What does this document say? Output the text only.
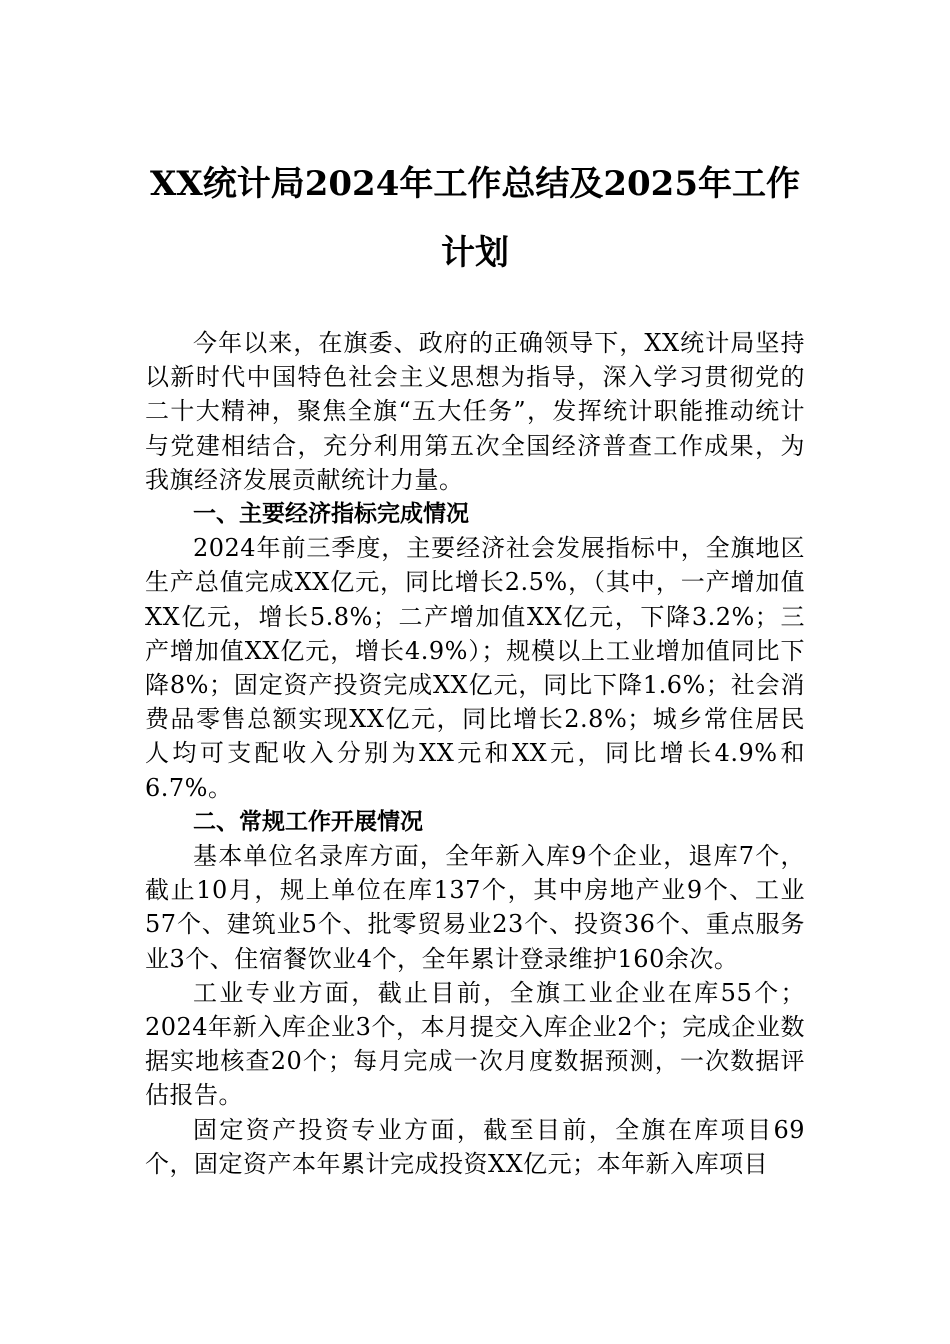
XX统计局2024年工作总结及2025年工作
计划

今年以来，在旗委、政府的正确领导下，XX统计局坚持以新时代中国特色社会主义思想为指导，深入学习贯彻党的二十大精神，聚焦全旗“五大任务”，发挥统计职能推动统计与党建相结合，充分利用第五次全国经济普查工作成果，为我旗经济发展贡献统计力量。

一、主要经济指标完成情况

2024年前三季度，主要经济社会发展指标中，全旗地区生产总值完成XX亿元，同比增长2.5%，（其中，一产增加值XX亿元，增长5.8%；二产增加值XX亿元，下降3.2%；三产增加值XX亿元，增长4.9%）；规模以上工业增加值同比下降8%；固定资产投资完成XX亿元，同比下降1.6%；社会消费品零售总额实现XX亿元，同比增长2.8%；城乡常住居民人均可支配收入分别为XX元和XX元，同比增长4.9%和6.7%。

二、常规工作开展情况

基本单位名录库方面，全年新入库9个企业，退库7个，截止10月，规上单位在库137个，其中房地产业9个、工业57个、建筑业5个、批零贸易业23个、投资36个、重点服务业3个、住宿餐饮业4个，全年累计登录维护160余次。

工业专业方面，截止目前，全旗工业企业在库55个；2024年新入库企业3个，本月提交入库企业2个；完成企业数据实地核查20个；每月完成一次月度数据预测，一次数据评估报告。

固定资产投资专业方面，截至目前，全旗在库项目69个，固定资产本年累计完成投资XX亿元；本年新入库项目
